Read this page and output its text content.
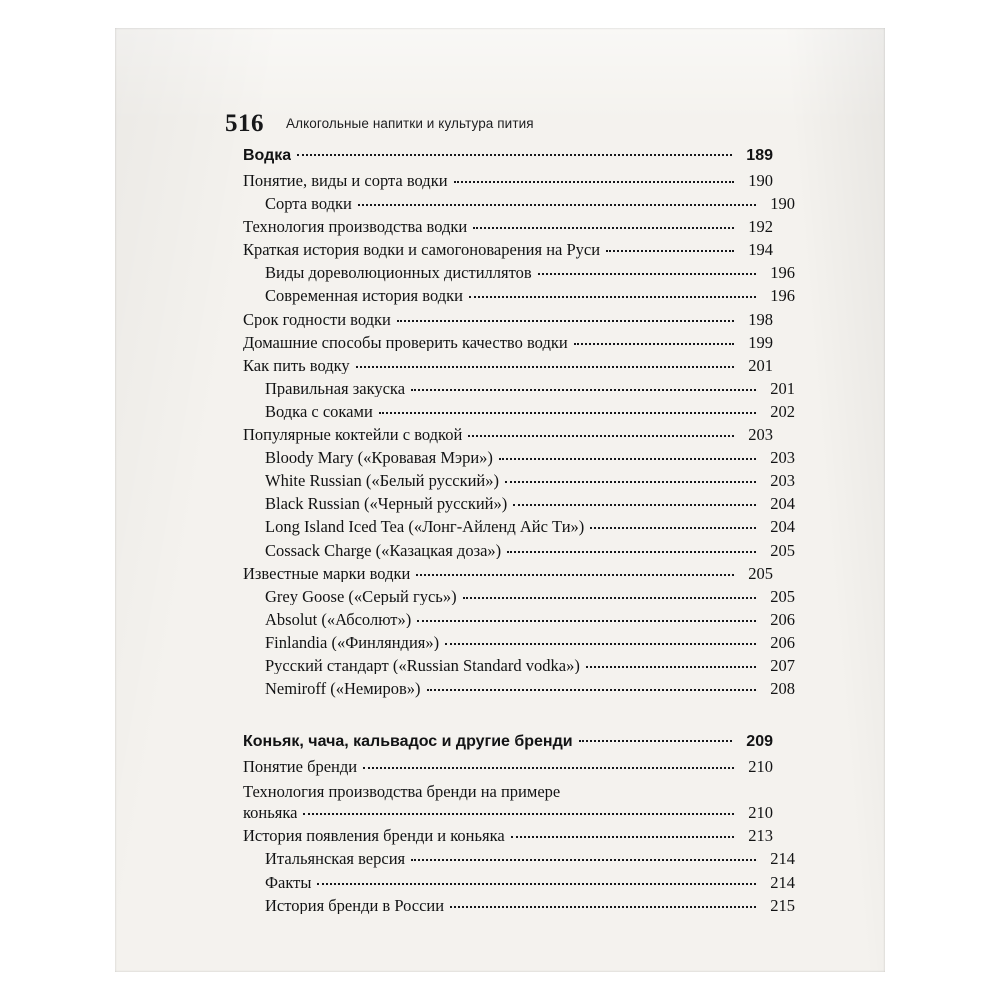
516 Алкогольные напитки и культура пития
Водка	189
Понятие, виды и сорта водки	190
Сорта водки	190
Технология производства водки	192
Краткая история водки и самогоноварения на Руси	194
Виды дореволюционных дистиллятов	196
Современная история водки	196
Срок годности водки	198
Домашние способы проверить качество водки	199
Как пить водку	201
Правильная закуска	201
Водка с соками	202
Популярные коктейли с водкой	203
Bloody Mary («Кровавая Мэри»)	203
White Russian («Белый русский»)	203
Black Russian («Черный русский»)	204
Long Island Iced Tea («Лонг-Айленд Айс Ти»)	204
Cossack Charge («Казацкая доза»)	205
Известные марки водки	205
Grey Goose («Серый гусь»)	205
Absolut («Абсолют»)	206
Finlandia («Финляндия»)	206
Русский стандарт («Russian Standard vodka»)	207
Nemiroff («Немиров»)	208
Коньяк, чача, кальвадос и другие бренди	209
Понятие бренди	210
Технология производства бренди на примере
коньяка	210
История появления бренди и коньяка	213
Итальянская версия	214
Факты	214
История бренди в России	215
